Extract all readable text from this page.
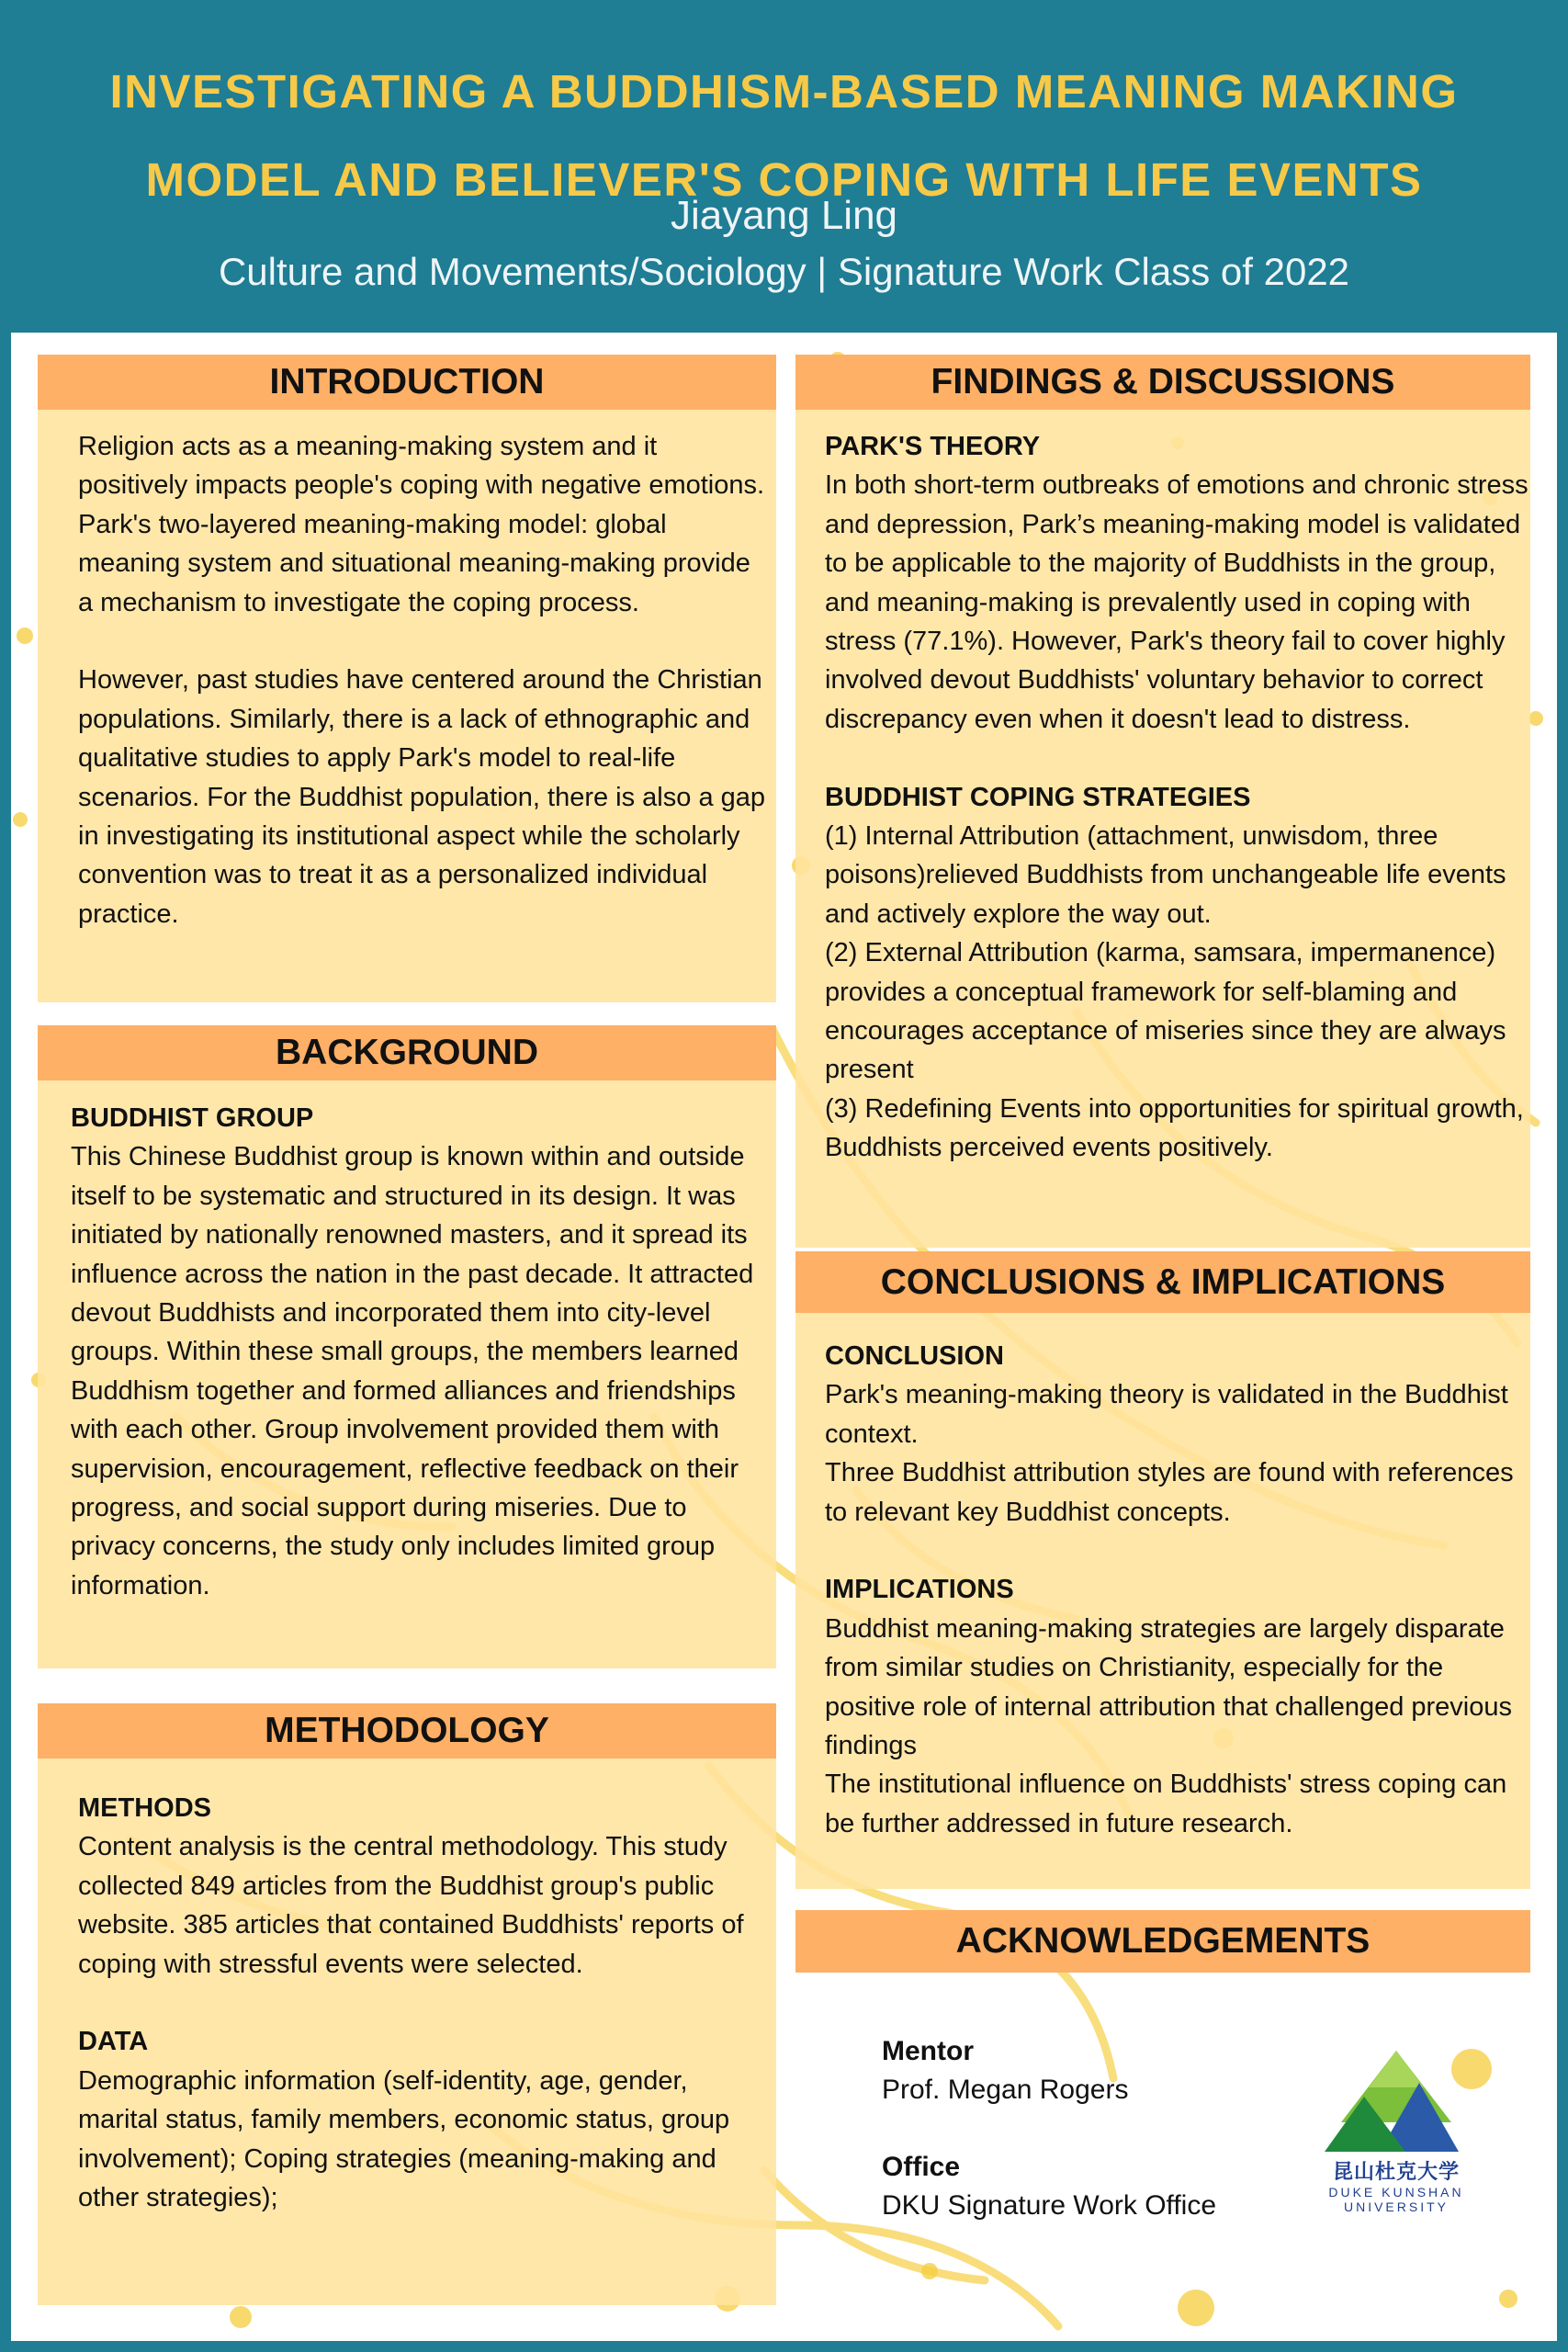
INVESTIGATING A BUDDHISM-BASED MEANING MAKING
MODEL AND BELIEVER'S COPING WITH LIFE EVENTS
Jiayang Ling
Culture and Movements/Sociology | Signature Work Class of 2022
INTRODUCTION

Religion acts as a meaning-making system and it positively impacts people's coping with negative emotions. Park's two-layered meaning-making model: global meaning system and situational meaning-making provide a mechanism to investigate the coping process.

However, past studies have centered around the Christian populations. Similarly, there is a lack of ethnographic and qualitative studies to apply Park's model to real-life scenarios. For the Buddhist population, there is also a gap in investigating its institutional aspect while the scholarly convention was to treat it as a personalized individual practice.

BACKGROUND

BUDDHIST GROUP

This Chinese Buddhist group is known within and outside itself to be systematic and structured in its design. It was initiated by nationally renowned masters, and it spread its influence across the nation in the past decade. It attracted devout Buddhists and incorporated them into city-level groups. Within these small groups, the members learned Buddhism together and formed alliances and friendships with each other. Group involvement provided them with supervision, encouragement, reflective feedback on their progress, and social support during miseries. Due to privacy concerns, the study only includes limited group information.

METHODOLOGY

METHODS

Content analysis is the central methodology. This study collected 849 articles from the Buddhist group's public website. 385 articles that contained Buddhists' reports of coping with stressful events were selected.

DATA

Demographic information (self-identity, age, gender, marital status, family members, economic status, group involvement); Coping strategies (meaning-making and other strategies);

FINDINGS & DISCUSSIONS

PARK'S THEORY

In both short-term outbreaks of emotions and chronic stress and depression, Park’s meaning-making model is validated to be applicable to the majority of Buddhists in the group, and meaning-making is prevalently used in coping with stress (77.1%). However, Park's theory fail to cover highly involved devout Buddhists' voluntary behavior to correct discrepancy even when it doesn't lead to distress.

BUDDHIST COPING STRATEGIES

(1) Internal Attribution (attachment, unwisdom, three poisons)relieved Buddhists from unchangeable life events and actively explore the way out.

(2) External Attribution (karma, samsara, impermanence) provides a conceptual framework for self-blaming and encourages acceptance of miseries since they are always present

(3) Redefining Events into opportunities for spiritual growth, Buddhists perceived events positively.

CONCLUSIONS & IMPLICATIONS

CONCLUSION

Park's meaning-making theory is validated in the Buddhist context.

Three Buddhist attribution styles are found with references to relevant key Buddhist concepts.

IMPLICATIONS

Buddhist meaning-making strategies are largely disparate from similar studies on Christianity, especially for the positive role of internal attribution that challenged previous findings

The institutional influence on Buddhists' stress coping can be further addressed in future research.

ACKNOWLEDGEMENTS
Mentor
Prof. Megan Rogers
Office
DKU Signature Work Office
昆山杜克大学
DUKE KUNSHAN
UNIVERSITY
